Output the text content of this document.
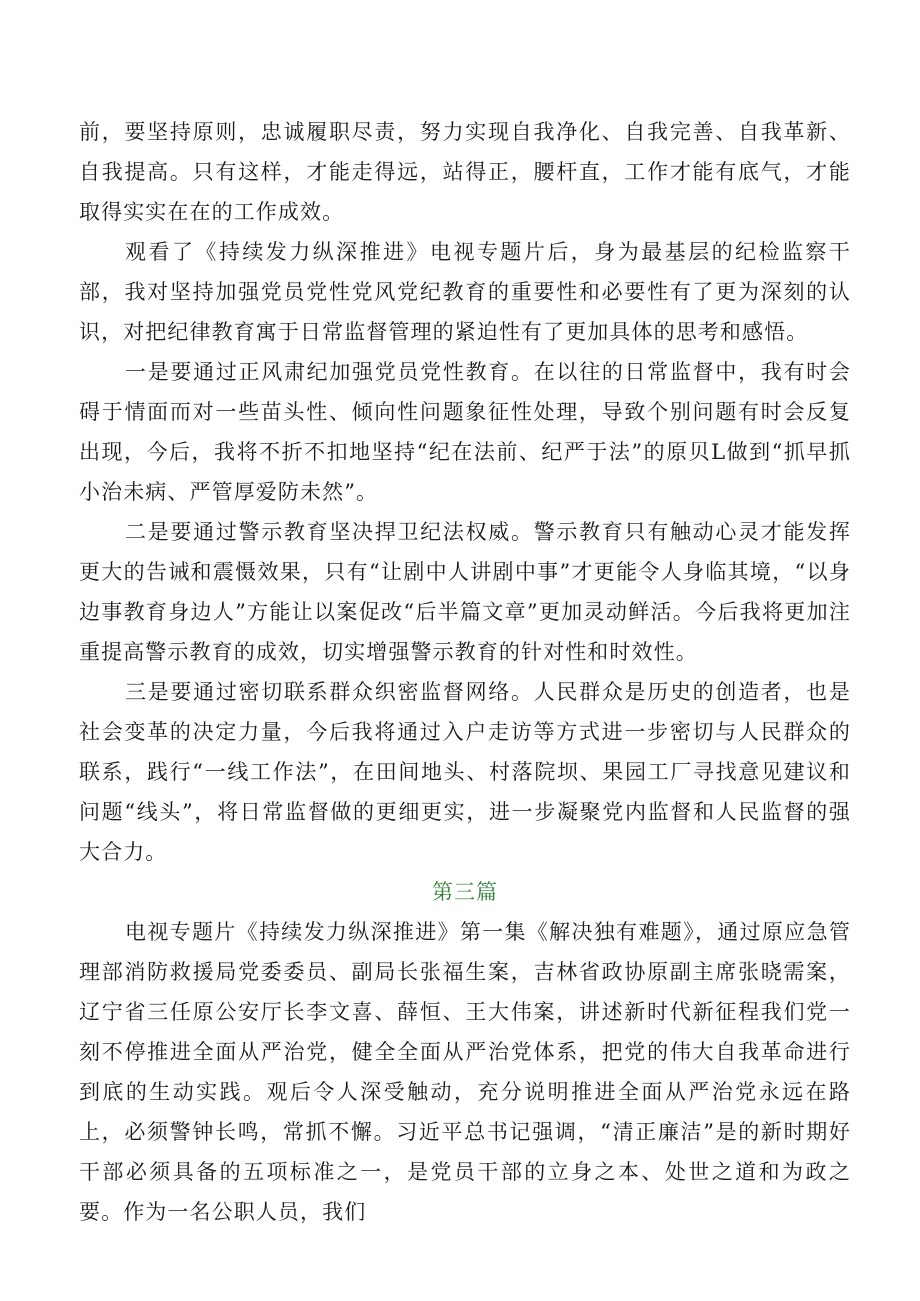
前，要坚持原则，忠诚履职尽责，努力实现自我净化、自我完善、自我革新、自我提高。只有这样，才能走得远，站得正，腰杆直，工作才能有底气，才能取得实实在在的工作成效。

观看了《持续发力纵深推进》电视专题片后，身为最基层的纪检监察干部，我对坚持加强党员党性党风党纪教育的重要性和必要性有了更为深刻的认识，对把纪律教育寓于日常监督管理的紧迫性有了更加具体的思考和感悟。

一是要通过正风肃纪加强党员党性教育。在以往的日常监督中，我有时会碍于情面而对一些苗头性、倾向性问题象征性处理，导致个别问题有时会反复出现，今后，我将不折不扣地坚持“纪在法前、纪严于法”的原贝L做到“抓早抓小治未病、严管厚爱防未然”。

二是要通过警示教育坚决捍卫纪法权威。警示教育只有触动心灵才能发挥更大的告诫和震慑效果，只有“让剧中人讲剧中事”才更能令人身临其境，“以身边事教育身边人”方能让以案促改“后半篇文章”更加灵动鲜活。今后我将更加注重提高警示教育的成效，切实增强警示教育的针对性和时效性。

三是要通过密切联系群众织密监督网络。人民群众是历史的创造者，也是社会变革的决定力量，今后我将通过入户走访等方式进一步密切与人民群众的联系，践行“一线工作法”，在田间地头、村落院坝、果园工厂寻找意见建议和问题“线头”，将日常监督做的更细更实，进一步凝聚党内监督和人民监督的强大合力。

第三篇

电视专题片《持续发力纵深推进》第一集《解决独有难题》，通过原应急管理部消防救援局党委委员、副局长张福生案，吉林省政协原副主席张晓需案，辽宁省三任原公安厅长李文喜、薛恒、王大伟案，讲述新时代新征程我们党一刻不停推进全面从严治党，健全全面从严治党体系，把党的伟大自我革命进行到底的生动实践。观后令人深受触动，充分说明推进全面从严治党永远在路上，必须警钟长鸣，常抓不懈。习近平总书记强调，“清正廉洁”是的新时期好干部必须具备的五项标准之一，是党员干部的立身之本、处世之道和为政之要。作为一名公职人员，我们
